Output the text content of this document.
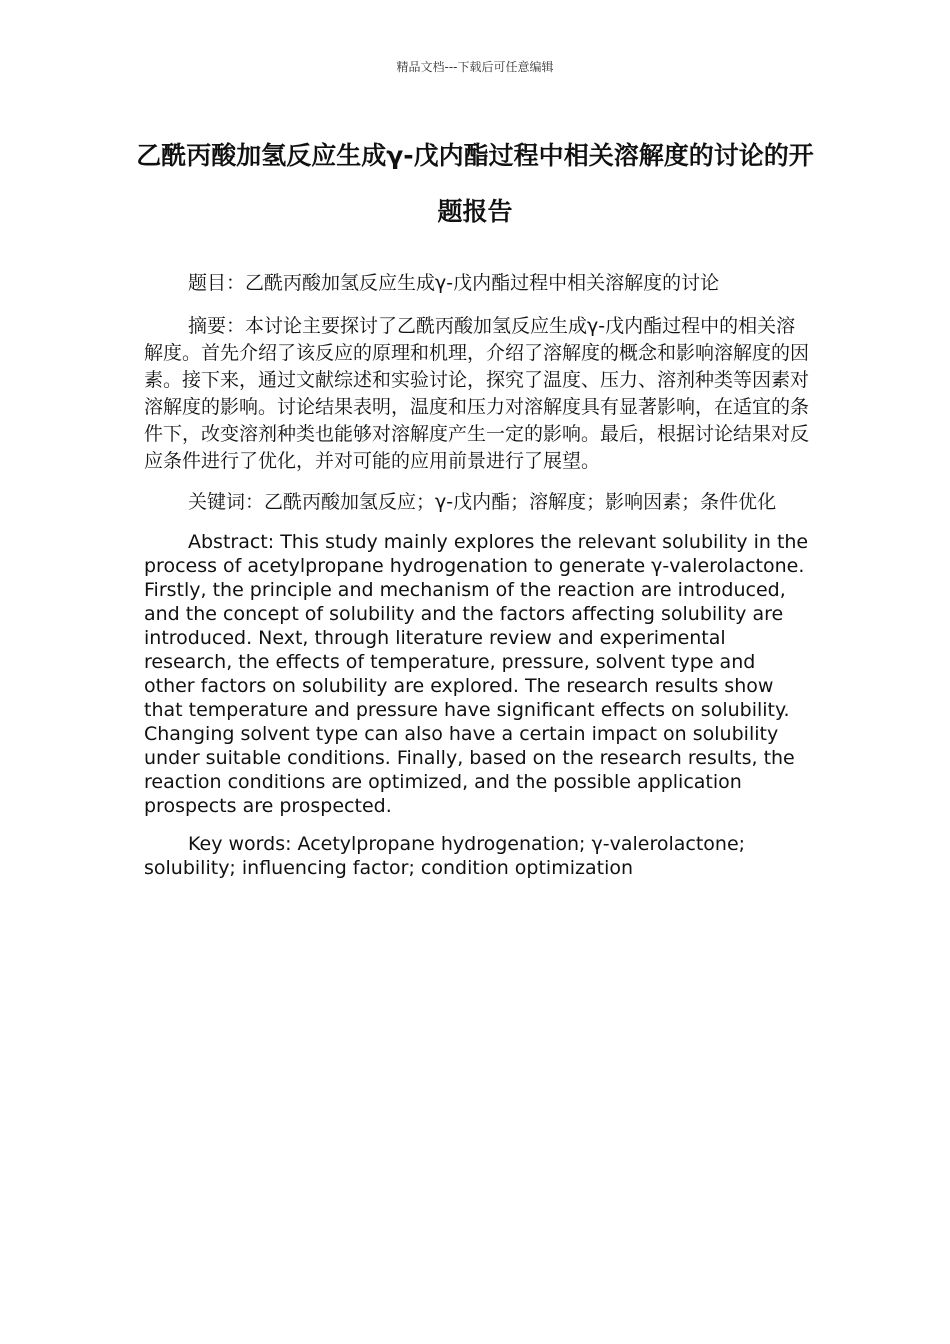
精品文档---下载后可任意编辑
乙酰丙酸加氢反应生成γ-戊内酯过程中相关溶解度的讨论的开题报告

题目：乙酰丙酸加氢反应生成γ-戊内酯过程中相关溶解度的讨论

摘要：本讨论主要探讨了乙酰丙酸加氢反应生成γ-戊内酯过程中的相关溶解度。首先介绍了该反应的原理和机理，介绍了溶解度的概念和影响溶解度的因素。接下来，通过文献综述和实验讨论，探究了温度、压力、溶剂种类等因素对溶解度的影响。讨论结果表明，温度和压力对溶解度具有显著影响，在适宜的条件下，改变溶剂种类也能够对溶解度产生一定的影响。最后，根据讨论结果对反应条件进行了优化，并对可能的应用前景进行了展望。

关键词：乙酰丙酸加氢反应；γ-戊内酯；溶解度；影响因素；条件优化

Abstract: This study mainly explores the relevant solubility in the process of acetylpropane hydrogenation to generate γ-valerolactone. Firstly, the principle and mechanism of the reaction are introduced, and the concept of solubility and the factors affecting solubility are introduced. Next, through literature review and experimental research, the effects of temperature, pressure, solvent type and other factors on solubility are explored. The research results show that temperature and pressure have significant effects on solubility. Changing solvent type can also have a certain impact on solubility under suitable conditions. Finally, based on the research results, the reaction conditions are optimized, and the possible application prospects are prospected.

Key words: Acetylpropane hydrogenation; γ-valerolactone; solubility; influencing factor; condition optimization
